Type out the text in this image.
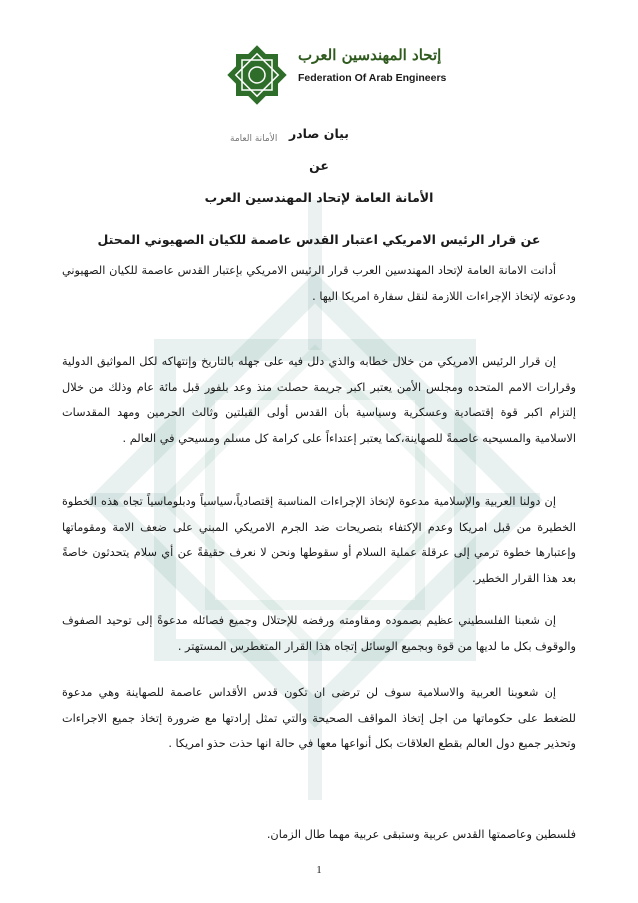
إتحاد المهندسين العرب
Federation Of Arab Engineers
الأمانة العامة بيان صادر
عن
الأمانة العامة لإتحاد المهندسين العرب
عن قرار الرئيس الامريكي اعتبار القدس عاصمة للكيان الصهيوني المحتل
أدانت الامانة العامة لإتحاد المهندسين العرب قرار الرئيس الامريكي بإعتبار القدس عاصمة للكيان الصهيوني ودعوته لإتخاذ الإجراءات اللازمة لنقل سفارة امريكا اليها .
إن قرار الرئيس الامريكي من خلال خطابه والذي دلل فيه على جهله بالتاريخ وإنتهاكه لكل المواثيق الدولية وقرارات الامم المتحده ومجلس الأمن يعتبر اكبر جريمة حصلت منذ وعد بلفور قبل مائة عام وذلك من خلال إلتزام اكبر قوة إقتصادية وعسكرية وسياسية بأن القدس أولى القبلتين وثالث الحرمين ومهد المقدسات الاسلامية والمسيحيه عاصمةً للصهاينة،كما يعتبر إعتداءاً على كرامة كل مسلم ومسيحي في العالم .
إن دولنا العربية والإسلامية مدعوة لإتخاذ الإجراءات المناسبة إقتصادياً،سياسياً ودبلوماسياً تجاه هذه الخطوة الخطيرة من قبل امريكا وعدم الإكتفاء بتصريحات ضد الجرم الامريكي المبني على ضعف الامة ومقوماتها وإعتبارها خطوة ترمي إلى عرقلة عملية السلام أو سقوطها ونحن لا نعرف حقيقةً عن أي سلام يتحدثون خاصةً بعد هذا القرار الخطير.
إن شعبنا الفلسطيني عظيم بصموده ومقاومته ورفضه للإحتلال وجميع فصائله مدعوةً إلى توحيد الصفوف والوقوف بكل ما لديها من قوة وبجميع الوسائل إتجاه هذا القرار المتغطرس المستهتر .
إن شعوبنا العربية والاسلامية سوف لن ترضى ان تكون قدس الأقداس عاصمة للصهاينة وهي مدعوة للضغط على حكوماتها من اجل إتخاذ المواقف الصحيحة والتي تمثل إرادتها مع ضرورة إتخاذ جميع الاجراءات وتحذير جميع دول العالم بقطع العلاقات بكل أنواعها معها في حالة انها حذت حذو امريكا .
فلسطين وعاصمتها القدس عربية وستبقى عربية مهما طال الزمان.
1
